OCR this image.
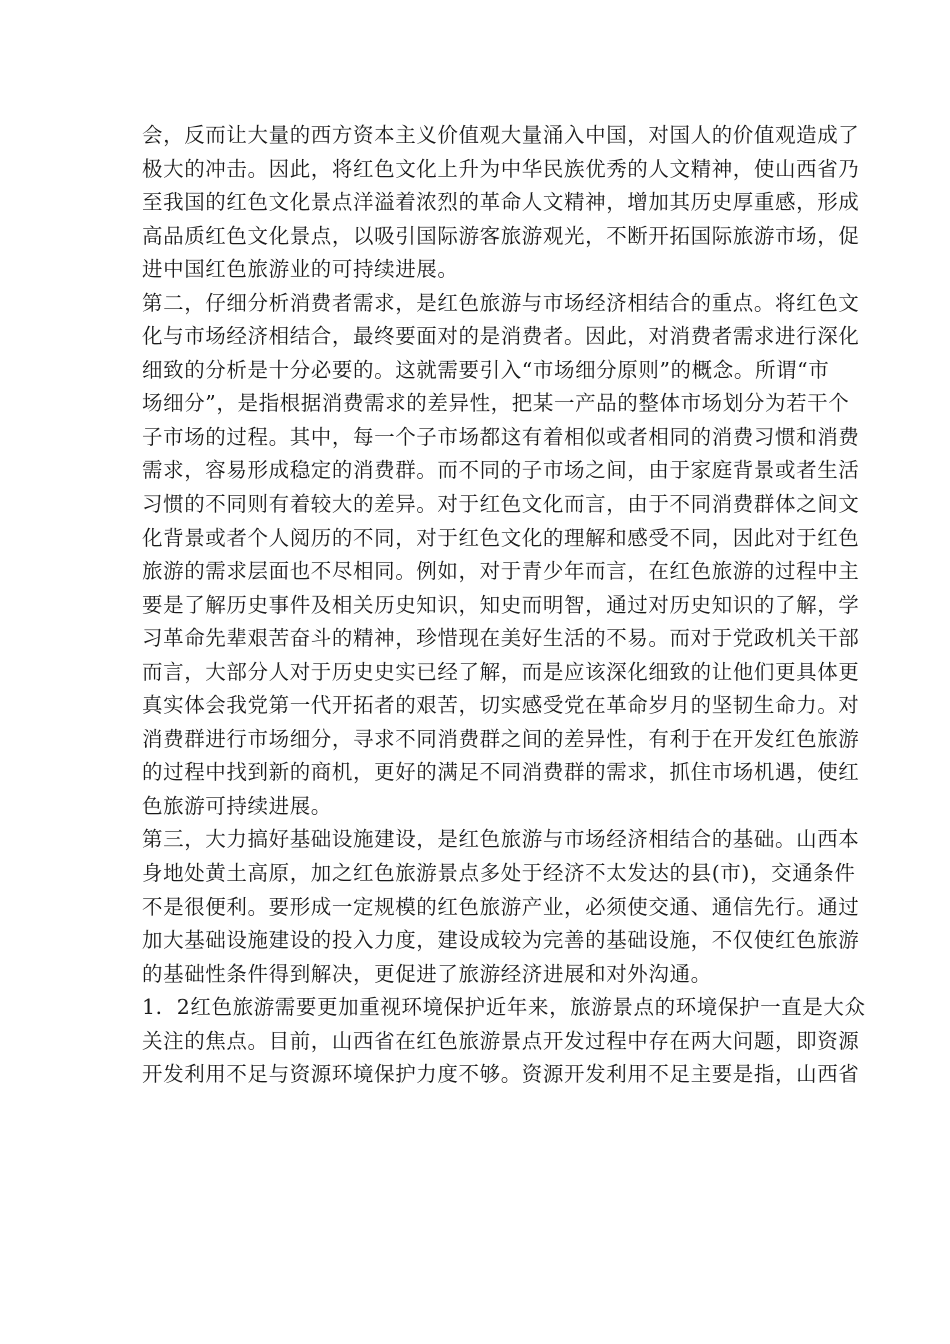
会，反而让大量的西方资本主义价值观大量涌入中国，对国人的价值观造成了
极大的冲击。因此，将红色文化上升为中华民族优秀的人文精神，使山西省乃
至我国的红色文化景点洋溢着浓烈的革命人文精神，增加其历史厚重感，形成
高品质红色文化景点，以吸引国际游客旅游观光，不断开拓国际旅游市场，促
进中国红色旅游业的可持续进展。
第二，仔细分析消费者需求，是红色旅游与市场经济相结合的重点。将红色文
化与市场经济相结合，最终要面对的是消费者。因此，对消费者需求进行深化
细致的分析是十分必要的。这就需要引入“市场细分原则”的概念。所谓“市
场细分”，是指根据消费需求的差异性，把某一产品的整体市场划分为若干个
子市场的过程。其中，每一个子市场都这有着相似或者相同的消费习惯和消费
需求，容易形成稳定的消费群。而不同的子市场之间，由于家庭背景或者生活
习惯的不同则有着较大的差异。对于红色文化而言，由于不同消费群体之间文
化背景或者个人阅历的不同，对于红色文化的理解和感受不同，因此对于红色
旅游的需求层面也不尽相同。例如，对于青少年而言，在红色旅游的过程中主
要是了解历史事件及相关历史知识，知史而明智，通过对历史知识的了解，学
习革命先辈艰苦奋斗的精神，珍惜现在美好生活的不易。而对于党政机关干部
而言，大部分人对于历史史实已经了解，而是应该深化细致的让他们更具体更
真实体会我党第一代开拓者的艰苦，切实感受党在革命岁月的坚韧生命力。对
消费群进行市场细分，寻求不同消费群之间的差异性，有利于在开发红色旅游
的过程中找到新的商机，更好的满足不同消费群的需求，抓住市场机遇，使红
色旅游可持续进展。
第三，大力搞好基础设施建设，是红色旅游与市场经济相结合的基础。山西本
身地处黄土高原，加之红色旅游景点多处于经济不太发达的县(市)，交通条件
不是很便利。要形成一定规模的红色旅游产业，必须使交通、通信先行。通过
加大基础设施建设的投入力度，建设成较为完善的基础设施，不仅使红色旅游
的基础性条件得到解决，更促进了旅游经济进展和对外沟通。
1．2红色旅游需要更加重视环境保护近年来，旅游景点的环境保护一直是大众
关注的焦点。目前，山西省在红色旅游景点开发过程中存在两大问题，即资源
开发利用不足与资源环境保护力度不够。资源开发利用不足主要是指，山西省
